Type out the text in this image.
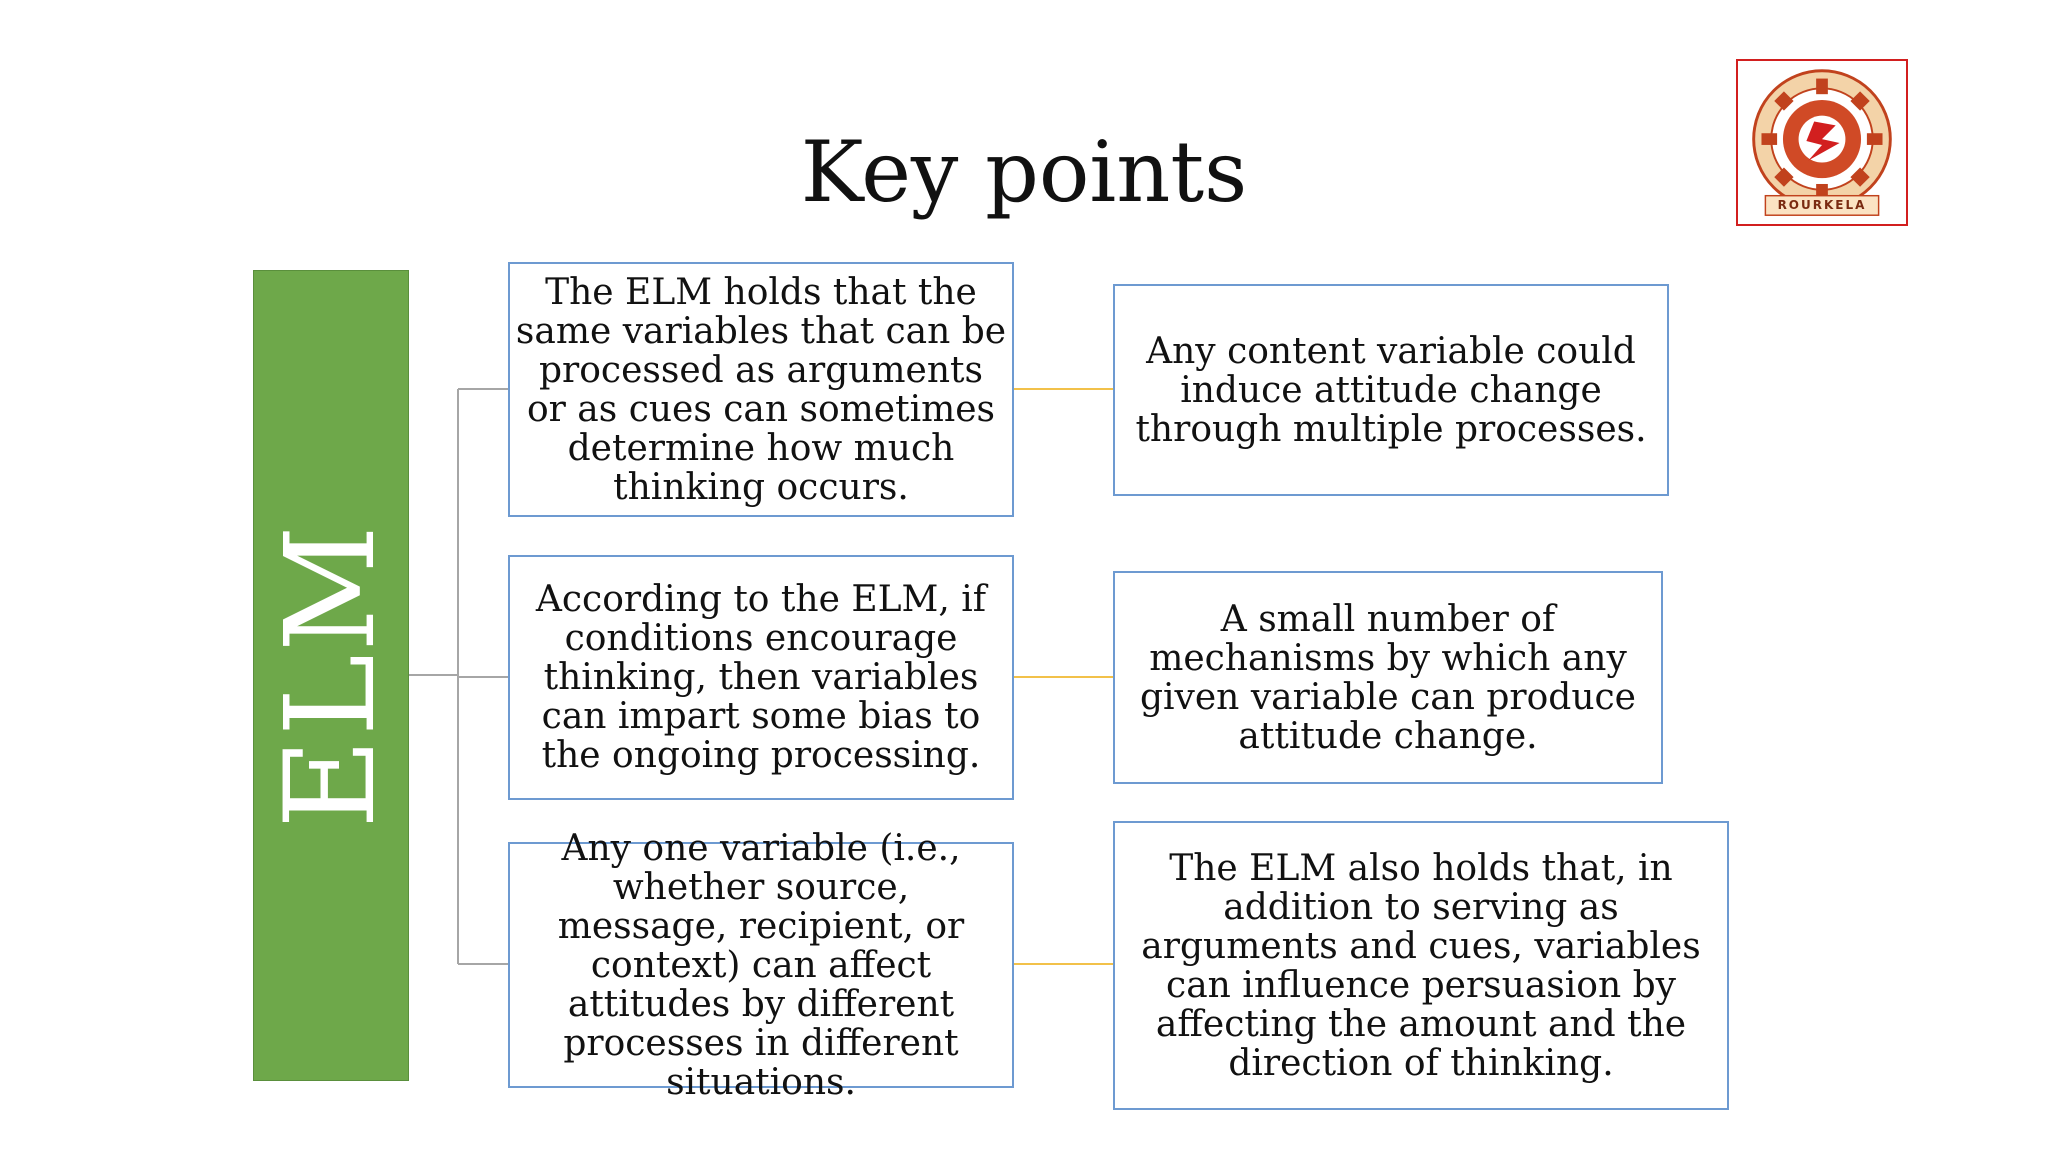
Key points	ROURKELA
ELM
The ELM holds that the same variables that can be processed as arguments or as cues can sometimes determine how much thinking occurs.
According to the ELM, if conditions encourage thinking, then variables can impart some bias to the ongoing processing.
Any one variable (i.e., whether source, message, recipient, or context) can affect attitudes by different processes in different situations.
Any content variable could induce attitude change through multiple processes.
A small number of mechanisms by which any given variable can produce attitude change.
The ELM also holds that, in addition to serving as arguments and cues, variables can influence persuasion by affecting the amount and the direction of thinking.
